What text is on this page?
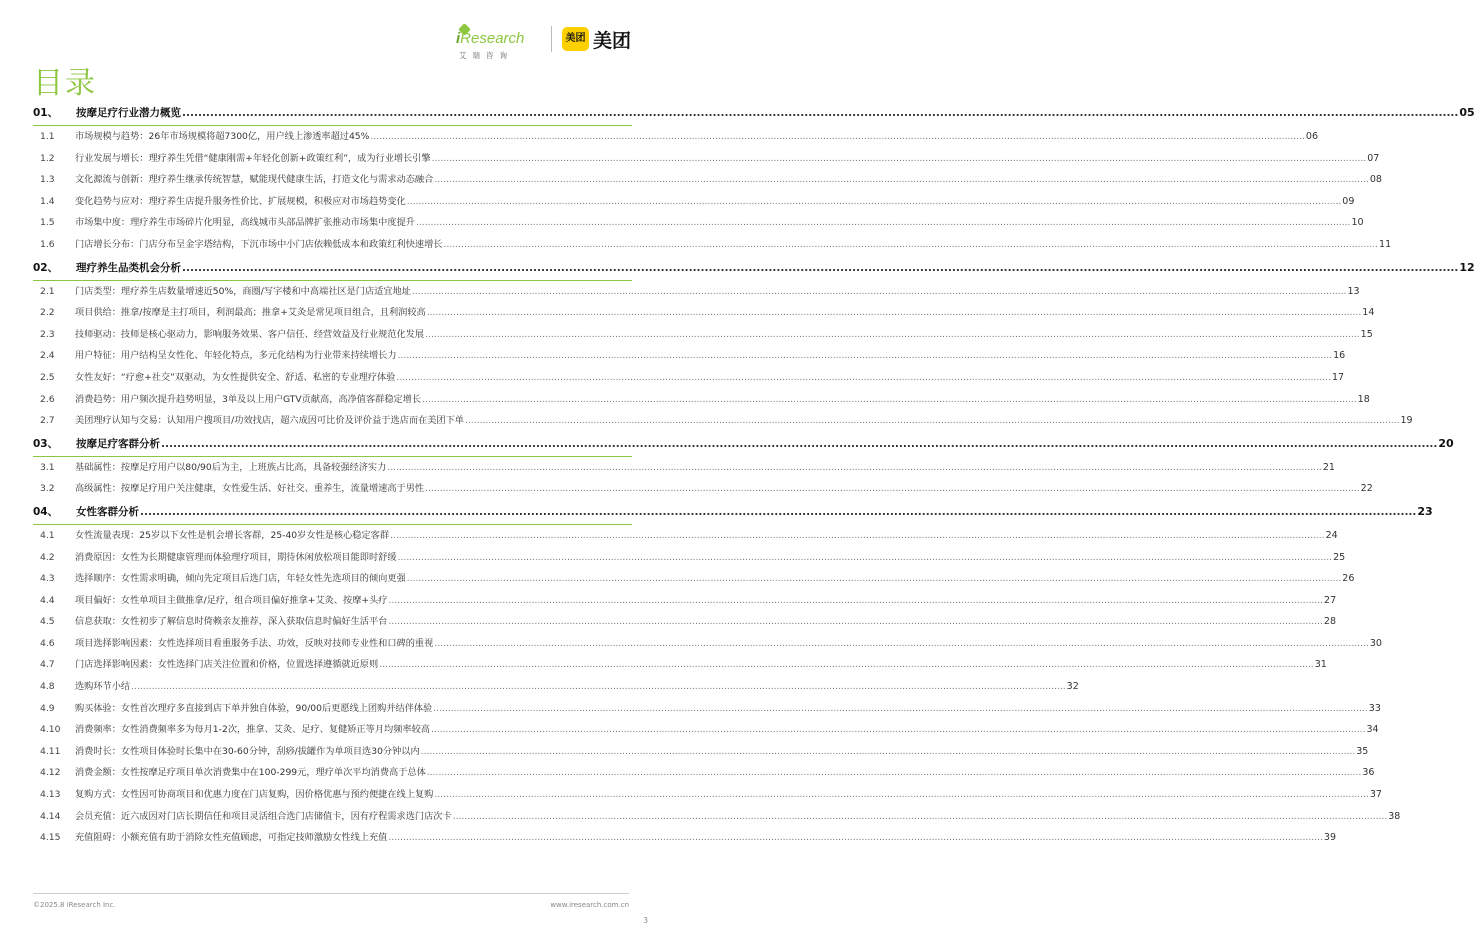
目录
iResearch
艾瑞咨询
美团 美团
01、	按摩足疗行业潜力概览 .....	05
1.1	市场规模与趋势：26年市场规模将超7300亿，用户线上渗透率超过45% .....	06
1.2	行业发展与增长：理疗养生凭借“健康刚需+年轻化创新+政策红利”，成为行业增长引擎 .....	07
1.3	文化源流与创新：理疗养生继承传统智慧，赋能现代健康生活，打造文化与需求动态融合 .....	08
1.4	变化趋势与应对：理疗养生店提升服务性价比、扩展规模，积极应对市场趋势变化 .....	09
1.5	市场集中度：理疗养生市场碎片化明显，高线城市头部品牌扩张推动市场集中度提升 .....	10
1.6	门店增长分布：门店分布呈金字塔结构，下沉市场中小门店依赖低成本和政策红利快速增长 .....	11
02、	理疗养生品类机会分析 .....	12
2.1	门店类型：理疗养生店数量增速近50%，商圈/写字楼和中高端社区是门店适宜地址 .....	13
2.2	项目供给：推拿/按摩是主打项目，利润最高；推拿+艾灸是常见项目组合，且利润较高 .....	14
2.3	技师驱动：技师是核心驱动力，影响服务效果、客户信任、经营效益及行业规范化发展 .....	15
2.4	用户特征：用户结构呈女性化、年轻化特点，多元化结构为行业带来持续增长力 .....	16
2.5	女性友好：“疗愈+社交”双驱动，为女性提供安全、舒适、私密的专业理疗体验 .....	17
2.6	消费趋势：用户频次提升趋势明显，3单及以上用户GTV贡献高，高净值客群稳定增长 .....	18
2.7	美团理疗认知与交易：认知用户搜项目/功效找店，超六成因可比价及评价益于选店而在美团下单 .....	19
03、	按摩足疗客群分析 .....	20
3.1	基础属性：按摩足疗用户以80/90后为主，上班族占比高，具备较强经济实力 .....	21
3.2	高级属性：按摩足疗用户关注健康，女性爱生活、好社交、重养生，流量增速高于男性 .....	22
04、	女性客群分析 .....	23
4.1	女性流量表现：25岁以下女性是机会增长客群，25-40岁女性是核心稳定客群 .....	24
4.2	消费原因：女性为长期健康管理而体验理疗项目，期待休闲放松项目能即时舒缓 .....	25
4.3	选择顺序：女性需求明确，倾向先定项目后选门店，年轻女性先选项目的倾向更强 .....	26
4.4	项目偏好：女性单项目主做推拿/足疗，组合项目偏好推拿+艾灸、按摩+头疗 .....	27
4.5	信息获取：女性初步了解信息时倚赖亲友推荐，深入获取信息时偏好生活平台 .....	28
4.6	项目选择影响因素：女性选择项目看重服务手法、功效，反映对技师专业性和口碑的重视 .....	30
4.7	门店选择影响因素：女性选择门店关注位置和价格，位置选择遵循就近原则 .....	31
4.8	选购环节小结 .....	32
4.9	购买体验：女性首次理疗多直接到店下单并独自体验，90/00后更愿线上团购并结伴体验 .....	33
4.10	消费频率：女性消费频率多为每月1-2次，推拿、艾灸、足疗、复健矫正等月均频率较高 .....	34
4.11	消费时长：女性项目体验时长集中在30-60分钟，刮痧/拔罐作为单项目选30分钟以内 .....	35
4.12	消费金额：女性按摩足疗项目单次消费集中在100-299元，理疗单次平均消费高于总体 .....	36
4.13	复购方式：女性因可协商项目和优惠力度在门店复购，因价格优惠与预约便捷在线上复购 .....	37
4.14	会员充值：近六成因对门店长期信任和项目灵活组合选门店储值卡，因有疗程需求选门店次卡 .....	38
4.15	充值阻碍：小额充值有助于消除女性充值顾虑，可指定技师激励女性线上充值 .....	39
©2025.8 iResearch Inc.	www.iresearch.com.cn
3
